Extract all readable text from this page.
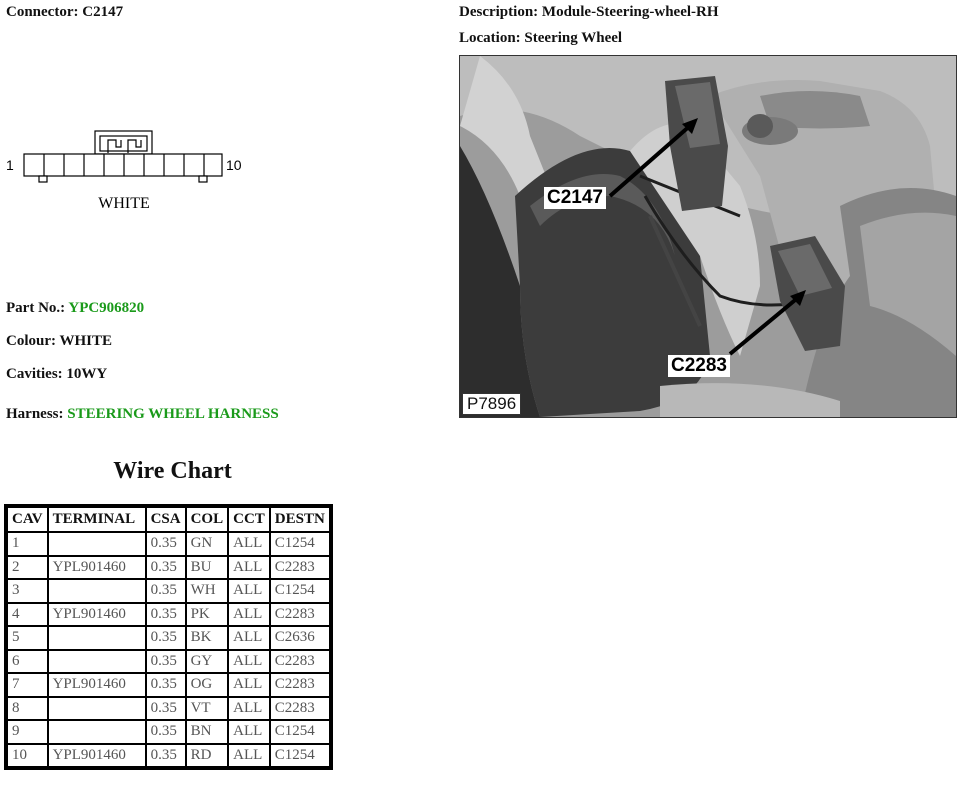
Connector: C2147	Description: Module-Steering-wheel-RH
Location: Steering Wheel
1	10
WHITE
Part No.: YPC906820
Colour: WHITE
Cavities: 10WY
Harness: STEERING WHEEL HARNESS
Wire Chart
CAV	TERMINAL	CSA	COL	CCT	DESTN
1		0.35	GN	ALL	C1254
2	YPL901460	0.35	BU	ALL	C2283
3		0.35	WH	ALL	C1254
4	YPL901460	0.35	PK	ALL	C2283
5		0.35	BK	ALL	C2636
6		0.35	GY	ALL	C2283
7	YPL901460	0.35	OG	ALL	C2283
8		0.35	VT	ALL	C2283
9		0.35	BN	ALL	C1254
10	YPL901460	0.35	RD	ALL	C1254
C2147
C2283
P7896
